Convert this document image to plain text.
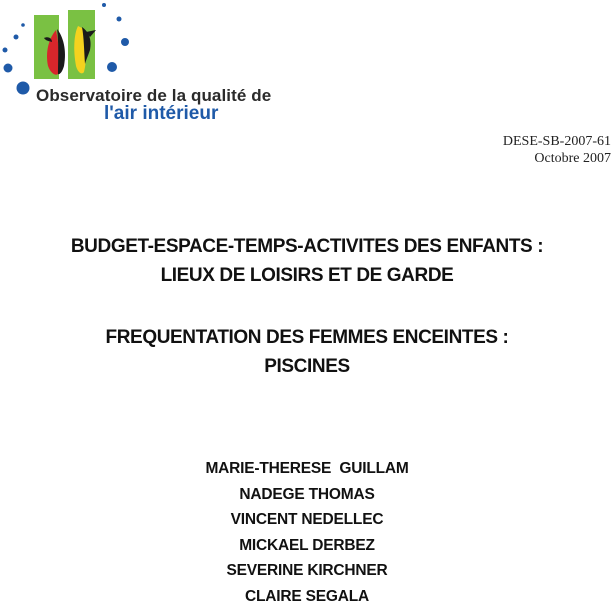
Observatoire de la qualité de
l'air intérieur
DESE-SB-2007-61
Octobre 2007
BUDGET-ESPACE-TEMPS-ACTIVITES DES ENFANTS :
LIEUX DE LOISIRS ET DE GARDE
FREQUENTATION DES FEMMES ENCEINTES :
PISCINES
MARIE-THERESE  GUILLAM
NADEGE THOMAS
VINCENT NEDELLEC
MICKAEL DERBEZ
SEVERINE KIRCHNER
CLAIRE SEGALA
